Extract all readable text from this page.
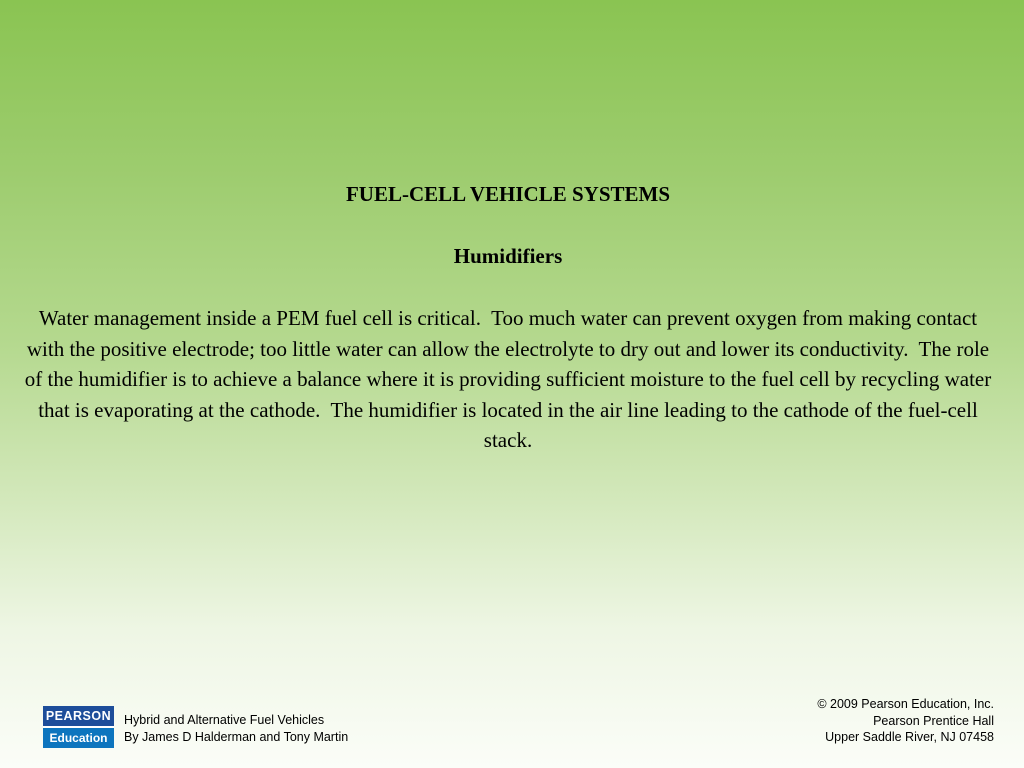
FUEL-CELL VEHICLE SYSTEMS
Humidifiers
Water management inside a PEM fuel cell is critical.  Too much water can prevent oxygen from making contact with the positive electrode; too little water can allow the electrolyte to dry out and lower its conductivity.  The role of the humidifier is to achieve a balance where it is providing sufficient moisture to the fuel cell by recycling water that is evaporating at the cathode.  The humidifier is located in the air line leading to the cathode of the fuel-cell stack.
PEARSON
Education
Hybrid and Alternative Fuel Vehicles
By James D Halderman and Tony Martin
© 2009 Pearson Education, Inc.
Pearson Prentice Hall
Upper Saddle River, NJ 07458
